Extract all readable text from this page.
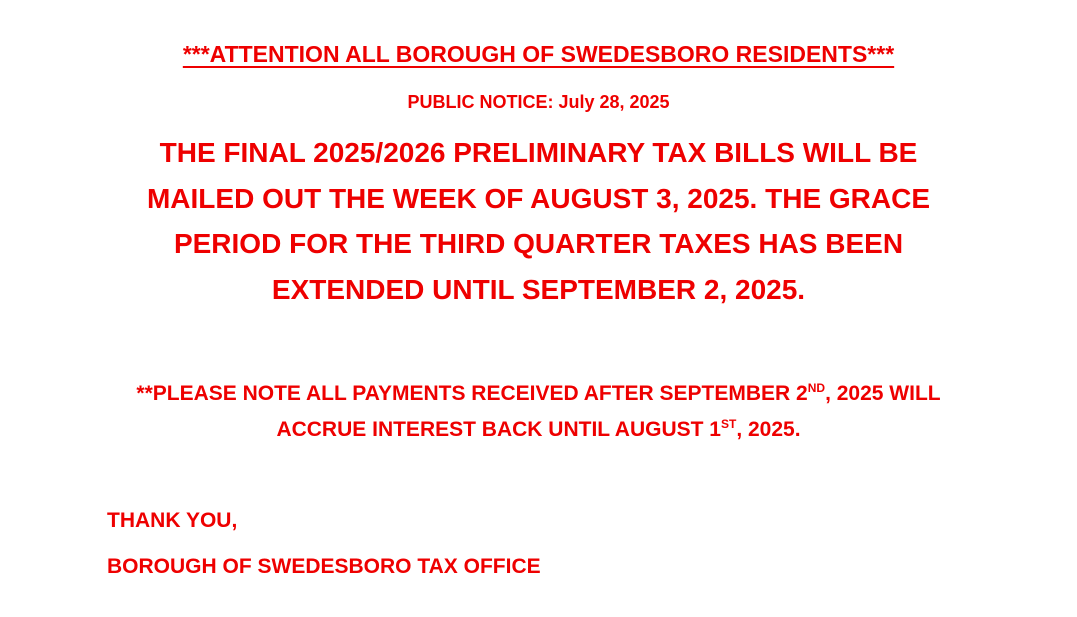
***ATTENTION ALL BOROUGH OF SWEDESBORO RESIDENTS***
PUBLIC NOTICE: July 28, 2025
THE FINAL 2025/2026 PRELIMINARY TAX BILLS WILL BE MAILED OUT THE WEEK OF AUGUST 3, 2025. THE GRACE PERIOD FOR THE THIRD QUARTER TAXES HAS BEEN EXTENDED UNTIL SEPTEMBER 2, 2025.
**PLEASE NOTE ALL PAYMENTS RECEIVED AFTER SEPTEMBER 2ND, 2025 WILL ACCRUE INTEREST BACK UNTIL AUGUST 1ST, 2025.
THANK YOU,
BOROUGH OF SWEDESBORO TAX OFFICE
